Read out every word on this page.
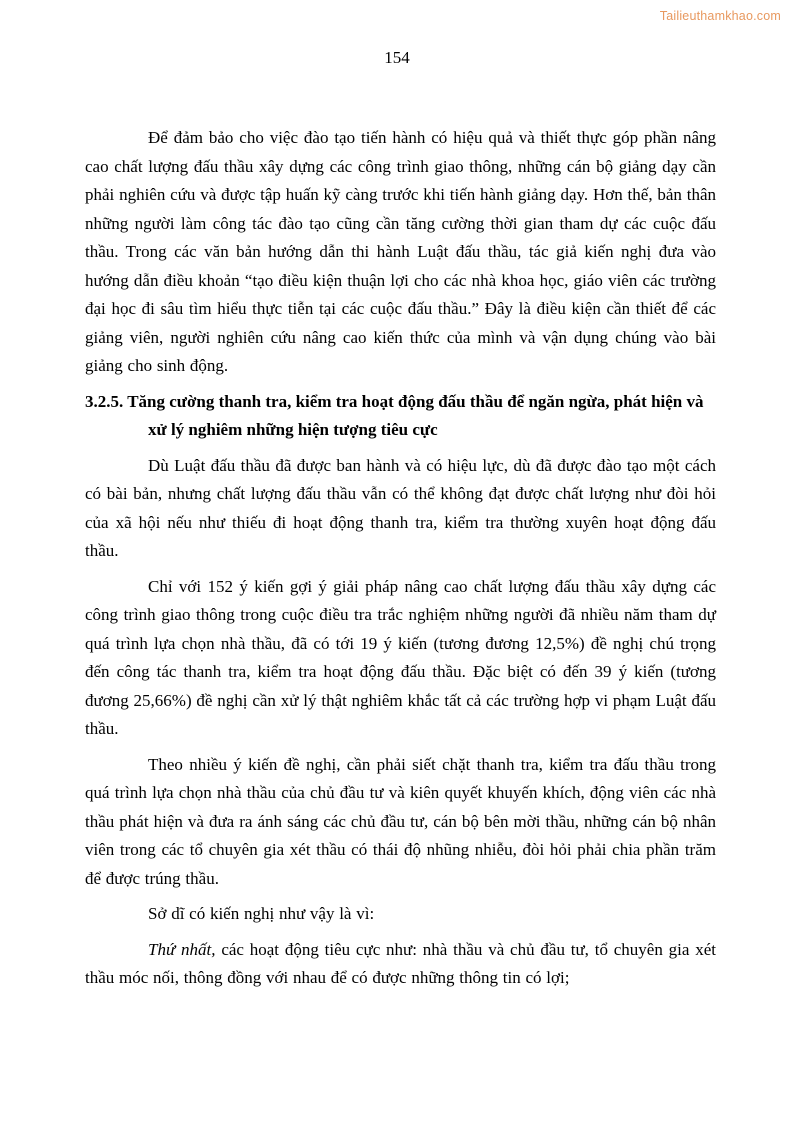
Tailieuthamkhao.com
154

Để đảm bảo cho việc đào tạo tiến hành có hiệu quả và thiết thực góp phần nâng cao chất lượng đấu thầu xây dựng các công trình giao thông, những cán bộ giảng dạy cần phải nghiên cứu và được tập huấn kỹ càng trước khi tiến hành giảng dạy. Hơn thế, bản thân những người làm công tác đào tạo cũng cần tăng cường thời gian tham dự các cuộc đấu thầu. Trong các văn bản hướng dẫn thi hành Luật đấu thầu, tác giả kiến nghị đưa vào hướng dẫn điều khoản “tạo điều kiện thuận lợi cho các nhà khoa học, giáo viên các trường đại học đi sâu tìm hiểu thực tiễn tại các cuộc đấu thầu.” Đây là điều kiện cần thiết để các giảng viên, người nghiên cứu nâng cao kiến thức của mình và vận dụng chúng vào bài giảng cho sinh động.

3.2.5. Tăng cường thanh tra, kiểm tra hoạt động đấu thầu để ngăn ngừa, phát hiện và xử lý nghiêm những hiện tượng tiêu cực

Dù Luật đấu thầu đã được ban hành và có hiệu lực, dù đã được đào tạo một cách có bài bản, nhưng chất lượng đấu thầu vẫn có thể không đạt được chất lượng như đòi hỏi của xã hội nếu như thiếu đi hoạt động thanh tra, kiểm tra thường xuyên hoạt động đấu thầu.

Chỉ với 152 ý kiến gợi ý giải pháp nâng cao chất lượng đấu thầu xây dựng các công trình giao thông trong cuộc điều tra trắc nghiệm những người đã nhiều năm tham dự quá trình lựa chọn nhà thầu, đã có tới 19 ý kiến (tương đương 12,5%) đề nghị chú trọng đến công tác thanh tra, kiểm tra hoạt động đấu thầu. Đặc biệt có đến 39 ý kiến (tương đương 25,66%) đề nghị cần xử lý thật nghiêm khắc tất cả các trường hợp vi phạm Luật đấu thầu.

Theo nhiều ý kiến đề nghị, cần phải siết chặt thanh tra, kiểm tra đấu thầu trong quá trình lựa chọn nhà thầu của chủ đầu tư và kiên quyết khuyến khích, động viên các nhà thầu phát hiện và đưa ra ánh sáng các chủ đầu tư, cán bộ bên mời thầu, những cán bộ nhân viên trong các tổ chuyên gia xét thầu có thái độ nhũng nhiễu, đòi hỏi phải chia phần trăm để được trúng thầu.

Sở dĩ có kiến nghị như vậy là vì:

Thứ nhất, các hoạt động tiêu cực như: nhà thầu và chủ đầu tư, tổ chuyên gia xét thầu móc nối, thông đồng với nhau để có được những thông tin có lợi;
